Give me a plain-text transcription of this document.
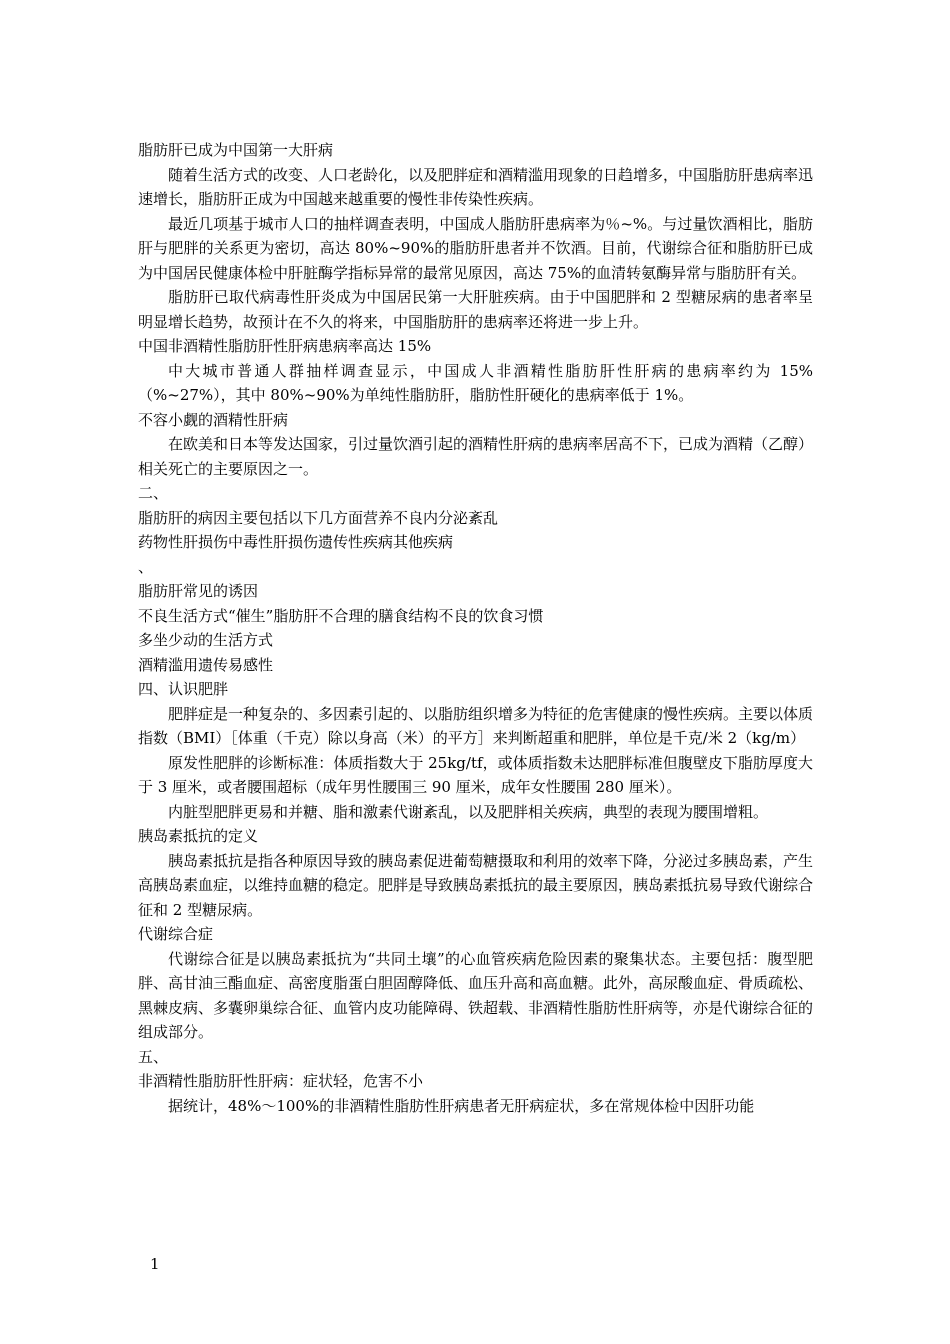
脂肪肝已成为中国第一大肝病

随着生活方式的改变、人口老龄化，以及肥胖症和酒精滥用现象的日趋增多，中国脂肪肝患病率迅速增长，脂肪肝正成为中国越来越重要的慢性非传染性疾病。

最近几项基于城市人口的抽样调查表明，中国成人脂肪肝患病率为％~%。与过量饮酒相比，脂肪肝与肥胖的关系更为密切，高达 80%~90%的脂肪肝患者并不饮酒。目前，代谢综合征和脂肪肝已成为中国居民健康体检中肝脏酶学指标异常的最常见原因，高达 75%的血清转氨酶异常与脂肪肝有关。

脂肪肝已取代病毒性肝炎成为中国居民第一大肝脏疾病。由于中国肥胖和 2 型糖尿病的患者率呈明显增长趋势，故预计在不久的将来，中国脂肪肝的患病率还将进一步上升。

中国非酒精性脂肪肝性肝病患病率高达 15%

中大城市普通人群抽样调查显示，中国成人非酒精性脂肪肝性肝病的患病率约为 15%（%~27%），其中 80%~90%为单纯性脂肪肝，脂肪性肝硬化的患病率低于 1%。

不容小觑的酒精性肝病

在欧美和日本等发达国家，引过量饮酒引起的酒精性肝病的患病率居高不下，已成为酒精（乙醇）相关死亡的主要原因之一。

二、

脂肪肝的病因主要包括以下几方面营养不良内分泌紊乱

药物性肝损伤中毒性肝损伤遗传性疾病其他疾病

、

脂肪肝常见的诱因

不良生活方式“催生”脂肪肝不合理的膳食结构不良的饮食习惯

多坐少动的生活方式

酒精滥用遗传易感性

四、认识肥胖

肥胖症是一种复杂的、多因素引起的、以脂肪组织增多为特征的危害健康的慢性疾病。主要以体质指数（BMI）［体重（千克）除以身高（米）的平方］来判断超重和肥胖，单位是千克/米 2（kg/m）

原发性肥胖的诊断标准：体质指数大于 25kg/tf，或体质指数未达肥胖标准但腹壁皮下脂肪厚度大于 3 厘米，或者腰围超标（成年男性腰围三 90 厘米，成年女性腰围 280 厘米）。

内脏型肥胖更易和并糖、脂和激素代谢紊乱，以及肥胖相关疾病，典型的表现为腰围增粗。

胰岛素抵抗的定义

胰岛素抵抗是指各种原因导致的胰岛素促进葡萄糖摄取和利用的效率下降，分泌过多胰岛素，产生高胰岛素血症，以维持血糖的稳定。肥胖是导致胰岛素抵抗的最主要原因，胰岛素抵抗易导致代谢综合征和 2 型糖尿病。

代谢综合症

代谢综合征是以胰岛素抵抗为“共同土壤”的心血管疾病危险因素的聚集状态。主要包括：腹型肥胖、高甘油三酯血症、高密度脂蛋白胆固醇降低、血压升高和高血糖。此外，高尿酸血症、骨质疏松、黑棘皮病、多囊卵巢综合征、血管内皮功能障碍、铁超载、非酒精性脂肪性肝病等，亦是代谢综合征的组成部分。

五、

非酒精性脂肪肝性肝病：症状轻，危害不小

据统计，48%〜100%的非酒精性脂肪性肝病患者无肝病症状，多在常规体检中因肝功能

1
